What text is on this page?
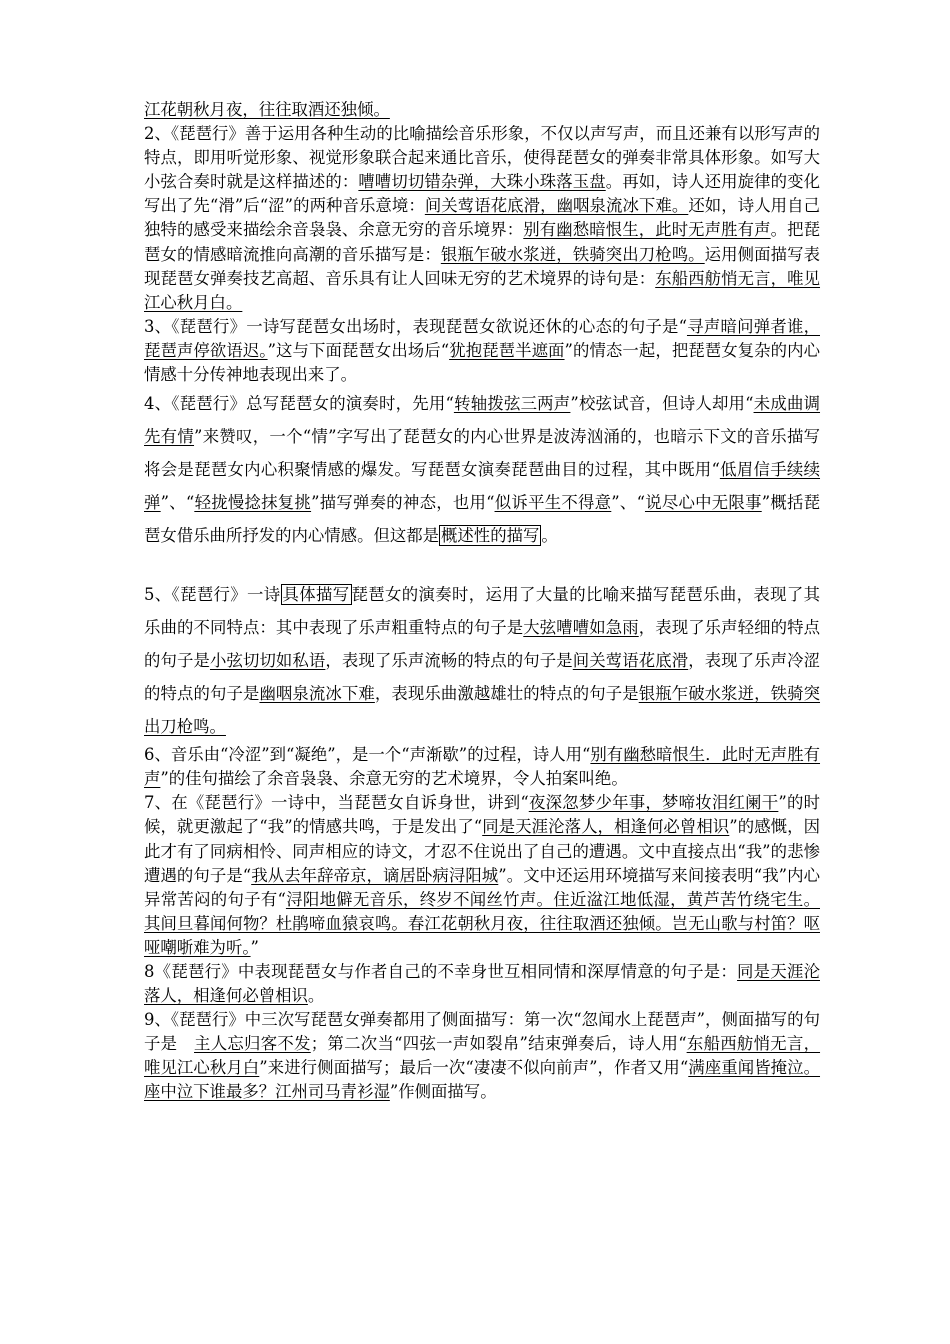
江花朝秋月夜，往往取酒还独倾。

2、《琵琶行》善于运用各种生动的比喻描绘音乐形象，不仅以声写声，而且还兼有以形写声的特点，即用听觉形象、视觉形象联合起来通比音乐，使得琵琶女的弹奏非常具体形象。如写大小弦合奏时就是这样描述的：嘈嘈切切错杂弹，大珠小珠落玉盘。再如，诗人还用旋律的变化写出了先“滑”后“涩”的两种音乐意境：间关莺语花底滑，幽咽泉流冰下难。还如，诗人用自己独特的感受来描绘余音袅袅、余意无穷的音乐境界：别有幽愁暗恨生，此时无声胜有声。把琵琶女的情感暗流推向高潮的音乐描写是：银瓶乍破水浆迸，铁骑突出刀枪鸣。运用侧面描写表现琵琶女弹奏技艺高超、音乐具有让人回味无穷的艺术境界的诗句是：东船西舫悄无言，唯见江心秋月白。

3、《琵琶行》一诗写琵琶女出场时，表现琵琶女欲说还休的心态的句子是“寻声暗问弹者谁，琵琶声停欲语迟。”这与下面琵琶女出场后“犹抱琵琶半遮面”的情态一起，把琵琶女复杂的内心情感十分传神地表现出来了。

4、《琵琶行》总写琵琶女的演奏时，先用“转轴拨弦三两声”校弦试音，但诗人却用“未成曲调先有情”来赞叹，一个“情”字写出了琵琶女的内心世界是波涛汹涌的，也暗示下文的音乐描写将会是琵琶女内心积聚情感的爆发。写琵琶女演奏琵琶曲目的过程，其中既用“低眉信手续续弹”、“轻拢慢捻抹复挑”描写弹奏的神态，也用“似诉平生不得意”、“说尽心中无限事”概括琵琶女借乐曲所抒发的内心情感。但这都是 概述性的描写 。

5、《琵琶行》一诗 具体描写 琵琶女的演奏时，运用了大量的比喻来描写琵琶乐曲，表现了其乐曲的不同特点：其中表现了乐声粗重特点的句子是大弦嘈嘈如急雨，表现了乐声轻细的特点的句子是小弦切切如私语，表现了乐声流畅的特点的句子是间关莺语花底滑，表现了乐声冷涩的特点的句子是幽咽泉流冰下难，表现乐曲激越雄壮的特点的句子是银瓶乍破水浆迸，铁骑突出刀枪鸣。

6、音乐由“冷涩”到“凝绝”，是一个“声渐歇”的过程，诗人用“别有幽愁暗恨生．此时无声胜有声”的佳句描绘了余音袅袅、余意无穷的艺术境界，令人拍案叫绝。

7、在《琵琶行》一诗中，当琵琶女自诉身世，讲到“夜深忽梦少年事，梦啼妆泪红阑干”的时候，就更激起了“我”的情感共鸣，于是发出了“同是天涯沦落人，相逢何必曾相识”的感慨，因此才有了同病相怜、同声相应的诗文，才忍不住说出了自己的遭遇。文中直接点出“我”的悲惨遭遇的句子是“我从去年辞帝京，谪居卧病浔阳城”。文中还运用环境描写来间接表明“我”内心异常苦闷的句子有“浔阳地僻无音乐，终岁不闻丝竹声。住近湓江地低湿，黄芦苦竹绕宅生。其间旦暮闻何物？杜鹃啼血猿哀鸣。春江花朝秋月夜，往往取酒还独倾。岂无山歌与村笛？呕哑嘲哳难为听。”

8《琵琶行》中表现琵琶女与作者自己的不幸身世互相同情和深厚情意的句子是：同是天涯沦落人，相逢何必曾相识。

9、《琵琶行》中三次写琵琶女弹奏都用了侧面描写：第一次“忽闻水上琵琶声”，侧面描写的句子是　主人忘归客不发；第二次当“四弦一声如裂帛”结束弹奏后，诗人用“东船西舫悄无言，唯见江心秋月白”来进行侧面描写；最后一次“凄凄不似向前声”，作者又用“满座重闻皆掩泣。座中泣下谁最多？江州司马青衫湿”作侧面描写。
